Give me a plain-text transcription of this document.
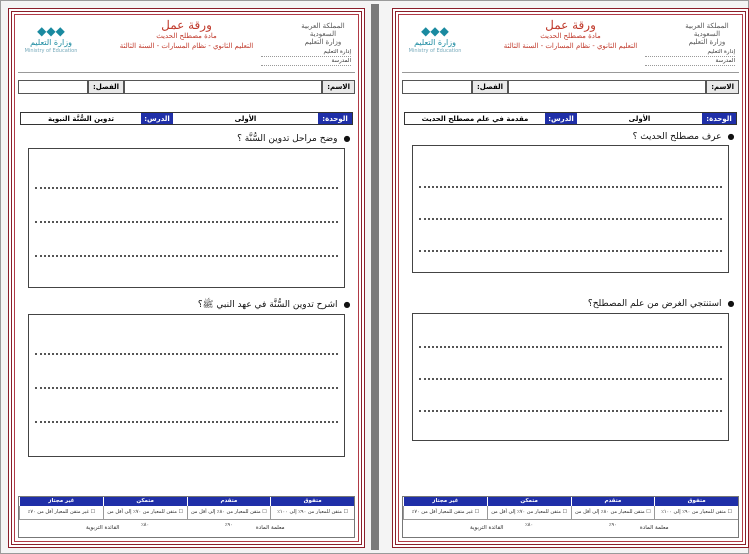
المملكة العربية السعودية
وزارة التعليم
ورقة عمل
مادة مصطلح الحديث
التعليم الثانوي - نظام المسارات - السنة الثالثة
◆◆◆
وزارة التعليم
Ministry of Education	إدارة التعليم
المدرسة
الاسم:
الفصل:
الوحدة:
الأولى
الدرس:
مقدمة في علم مصطلح الحديث
●عرف مصطلح الحديث ؟
●استنتجي الغرض من علم المصطلح؟
متفوق
متقدم
متمكن
غير مجتاز
☐ متقن للمعيار من ٩٠٪ إلى ١٠٠٪
☐ متقن للمعيار من ٨٠٪ إلى أقل من ٩٠٪
☐ متقن للمعيار من ٧٠٪ إلى أقل من ٨٠٪
☐ غير متقن للمعيار أقل من ٧٠٪
معلمة المادة
القائدة التربوية
المملكة العربية السعودية
وزارة التعليم
ورقة عمل
مادة مصطلح الحديث
التعليم الثانوي - نظام المسارات - السنة الثالثة
◆◆◆
وزارة التعليم
Ministry of Education	إدارة التعليم
المدرسة
الاسم:
الفصل:
الوحدة:
الأولى
الدرس:
تدوين السُّنَّة النبوية
●وضح مراحل تدوين السُّنَّة ؟
●اشرح تدوين السُّنَّة في عهد النبي ﷺ؟
متفوق
متقدم
متمكن
غير مجتاز
☐ متقن للمعيار من ٩٠٪ إلى ١٠٠٪
☐ متقن للمعيار من ٨٠٪ إلى أقل من ٩٠٪
☐ متقن للمعيار من ٧٠٪ إلى أقل من ٨٠٪
☐ غير متقن للمعيار أقل من ٧٠٪
معلمة المادة
القائدة التربوية
